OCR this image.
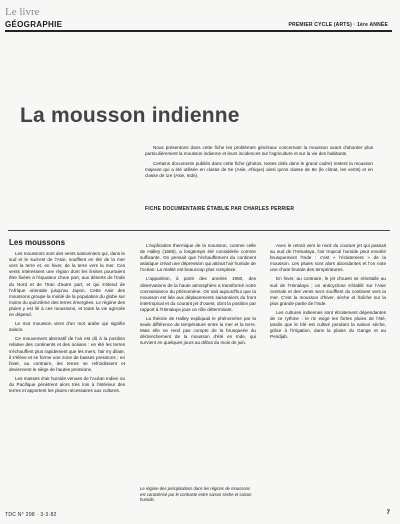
Le livre
GÉOGRAPHIE	PREMIER CYCLE (ARTS) · 1ère ANNÉE
La mousson indienne

Nous présentons dans cette fiche les problèmes généraux concernant la mousson avant d'aborder plus particulièrement la mousson indienne et leurs incidences sur l'agriculture et sur la vie des habitants.

Certains documents publiés dans cette fiche (photos, textes cités dans le grand cadre) restent la mousson majeure qui a été utilisée en classe de 5e (Asie, Afrique) ainsi qu'en classe de 6e (le climat, les vents) et en classe de 1re (Asie, Inde).

FICHE DOCUMENTAIRE ÉTABLIE PAR CHARLES PERRIER
Les moussons

Les moussons sont des vents saisonniers qui, dans le sud et le sud-est de l'Asie, soufflent en été de la mer vers la terre et, en hiver, de la terre vers la mer. Ces vents intéressent une région dont les limites pourraient être fixées à l'équateur d'une part, aux déserts de l'Inde du Nord et de l'Iran d'autre part, et qui s'étend de l'Afrique orientale jusqu'au Japon. Cette Asie des moussons groupe la moitié de la population du globe sur moins du quinzième des terres émergées. Le régime des pluies y est lié à ces moussons, et toute la vie agricole en dépend.

Le mot mousson vient d'un mot arabe qui signifie saison.

Ce mouvement alternatif de l'air est dû à la position relative des continents et des océans : en été les terres s'échauffent plus rapidement que les mers, l'air s'y dilate, il s'élève et se forme une zone de basses pressions ; en hiver, au contraire, les terres se refroidissent et deviennent le siège de hautes pressions.

Les masses d'air humide venues de l'océan Indien ou du Pacifique pénètrent alors très loin à l'intérieur des terres et apportent les pluies nécessaires aux cultures.

L'explication thermique de la mousson, comme celle de Halley (1686), a longtemps été considérée comme suffisante. On pensait que l'échauffement du continent asiatique créait une dépression qui attirait l'air humide de l'océan. La réalité est beaucoup plus complexe.

L'apparition, à partir des années 1950, des observations de la haute atmosphère a transformé notre connaissance du phénomène. On sait aujourd'hui que la mousson est liée aux déplacements saisonniers du front intertropical et du courant jet d'ouest, dont la position par rapport à l'Himalaya joue un rôle déterminant.

La théorie de Halley expliquait le phénomène par la seule différence de température entre la mer et la terre. Mais elle ne rend pas compte de la brusquerie du déclenchement de la mousson d'été en Inde, qui survient en quelques jours au début du mois de juin.

Avec le retrait vers le nord du courant jet qui passait au sud de l'Himalaya, l'air tropical humide peut envahir brusquement l'Inde : c'est « l'éclatement » de la mousson. Les pluies sont alors abondantes et l'on note une chute brutale des températures.

En hiver, au contraire, le jet d'ouest se réinstalle au sud de l'Himalaya ; un anticyclone s'établit sur l'Asie centrale et des vents secs soufflent du continent vers la mer. C'est la mousson d'hiver, sèche et fraîche sur la plus grande partie de l'Inde.

Les cultures indiennes sont étroitement dépendantes de ce rythme : le riz exige les fortes pluies de l'été, tandis que le blé est cultivé pendant la saison sèche, grâce à l'irrigation, dans la plaine du Gange et au Pendjab.

Le régime des précipitations dans les régions de moussons est caractérisé par le contraste entre saison sèche et saison humide.
TDC N° 298 · 3·3·82	7
